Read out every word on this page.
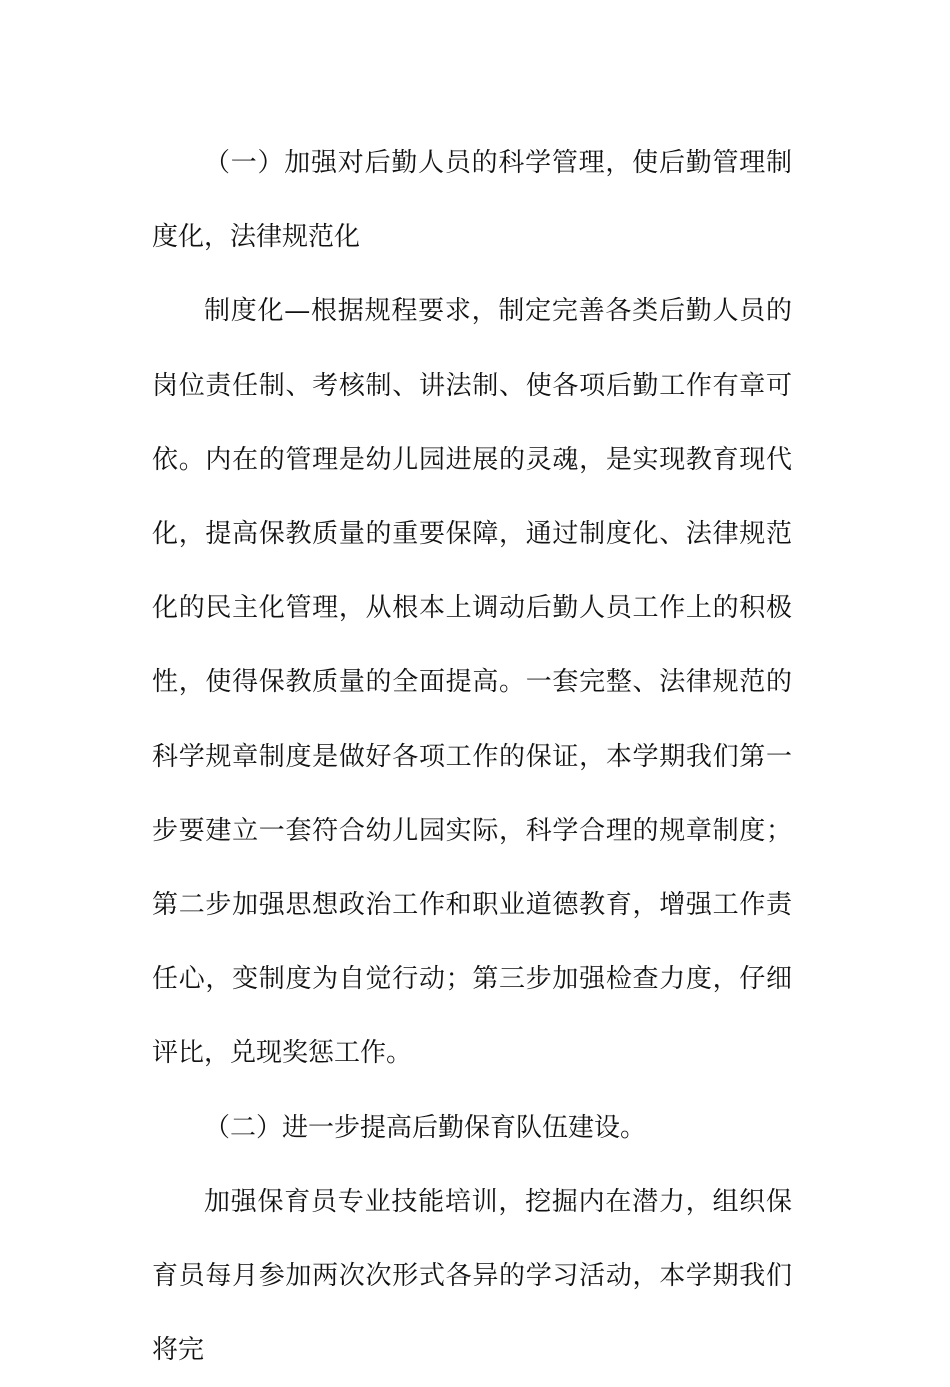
（一）加强对后勤人员的科学管理，使后勤管理制度化，法律规范化

制度化—根据规程要求，制定完善各类后勤人员的岗位责任制、考核制、讲法制、使各项后勤工作有章可依。内在的管理是幼儿园进展的灵魂，是实现教育现代化，提高保教质量的重要保障，通过制度化、法律规范化的民主化管理，从根本上调动后勤人员工作上的积极性，使得保教质量的全面提高。一套完整、法律规范的科学规章制度是做好各项工作的保证，本学期我们第一步要建立一套符合幼儿园实际，科学合理的规章制度；第二步加强思想政治工作和职业道德教育，增强工作责任心，变制度为自觉行动；第三步加强检查力度，仔细评比，兑现奖惩工作。

（二）进一步提高后勤保育队伍建设。

加强保育员专业技能培训，挖掘内在潜力，组织保育员每月参加两次次形式各异的学习活动，本学期我们将完
